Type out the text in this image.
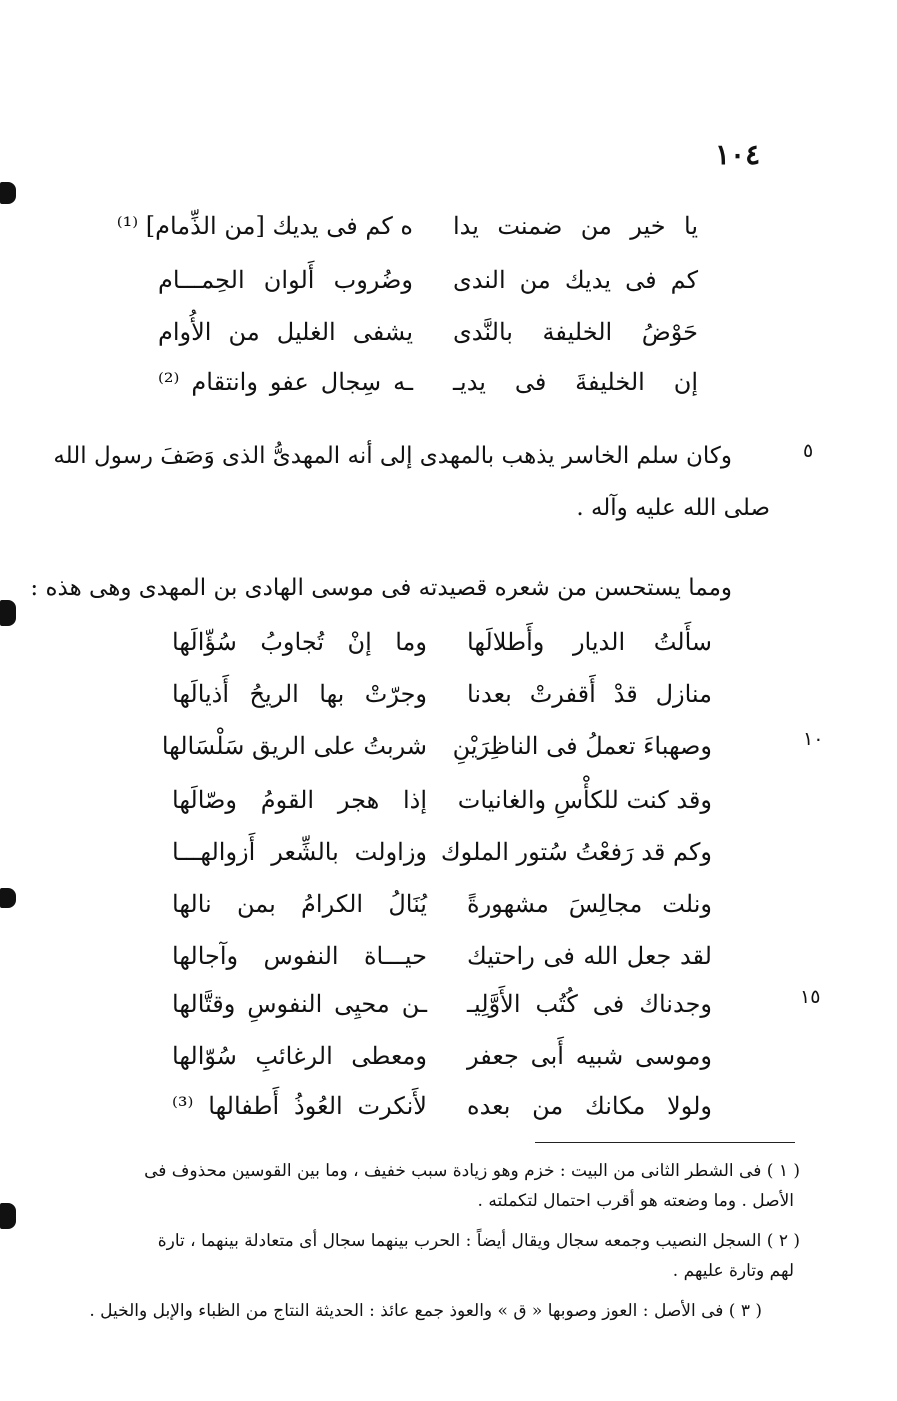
١٠٤
يا خير من ضمنت يدا
ه كم فى يديك [من الذِّمام] ⁽¹⁾
كم فى يديك من الندى
وضُروب أَلوان الحِمـــام
حَوْضُ الخليفة بالنَّدى
يشفى الغليل من الأُوام
إن الخليفةَ فى يديـ
ـه سِجال عفو وانتقام ⁽²⁾
٥
وكان سلم الخاسر يذهب بالمهدى إلى أنه المهدىُّ الذى وَصَفَ رسول الله
صلى الله عليه وآله .
ومما يستحسن من شعره قصيدته فى موسى الهادى بن المهدى وهى هذه :
سأَلتُ الديار وأَطلالَها
وما إنْ تُجاوبُ سُؤّالَها
منازل قدْ أَقفرتْ بعدنا
وجرّتْ بها الريحُ أَذيالَها
١٠
وصهباءَ تعملُ فى الناظِرَيْنِ
شربتُ على الريق سَلْسَالها
وقد كنت للكأْسِ والغانيات
إذا هجر القومُ وصّالَها
وكم قد رَفعْتُ سُتور الملوك
وزاولت بالشِّعر أَزوالهـــا
ونلت مجالِسَ مشهورةً
يُنَالُ الكرامُ بمن نالها
لقد جعل الله فى راحتيك
حيـــاة النفوس وآجالها
١٥
وجدناك فى كُتُب الأَوَّلِيـ
ـن محيِى النفوسِ وقتَّالها
وموسى شبيه أَبى جعفر
ومعطى الرغائبِ سُوّالها
ولولا مكانك من بعده
لأَنكرت العُوذُ أَطفالها ⁽³⁾
( ١ ) فى الشطر الثانى من البيت : خزم وهو زيادة سبب خفيف ، وما بين القوسين محذوف فى
الأصل . وما وضعته هو أقرب احتمال لتكملته .
( ٢ ) السجل النصيب وجمعه سجال ويقال أيضاً : الحرب بينهما سجال أى متعادلة بينهما ، تارة
لهم وتارة عليهم .
( ٣ ) فى الأصل : العوز وصوبها « ق » والعوذ جمع عائذ : الحديثة النتاج من الظباء والإبل والخيل .
